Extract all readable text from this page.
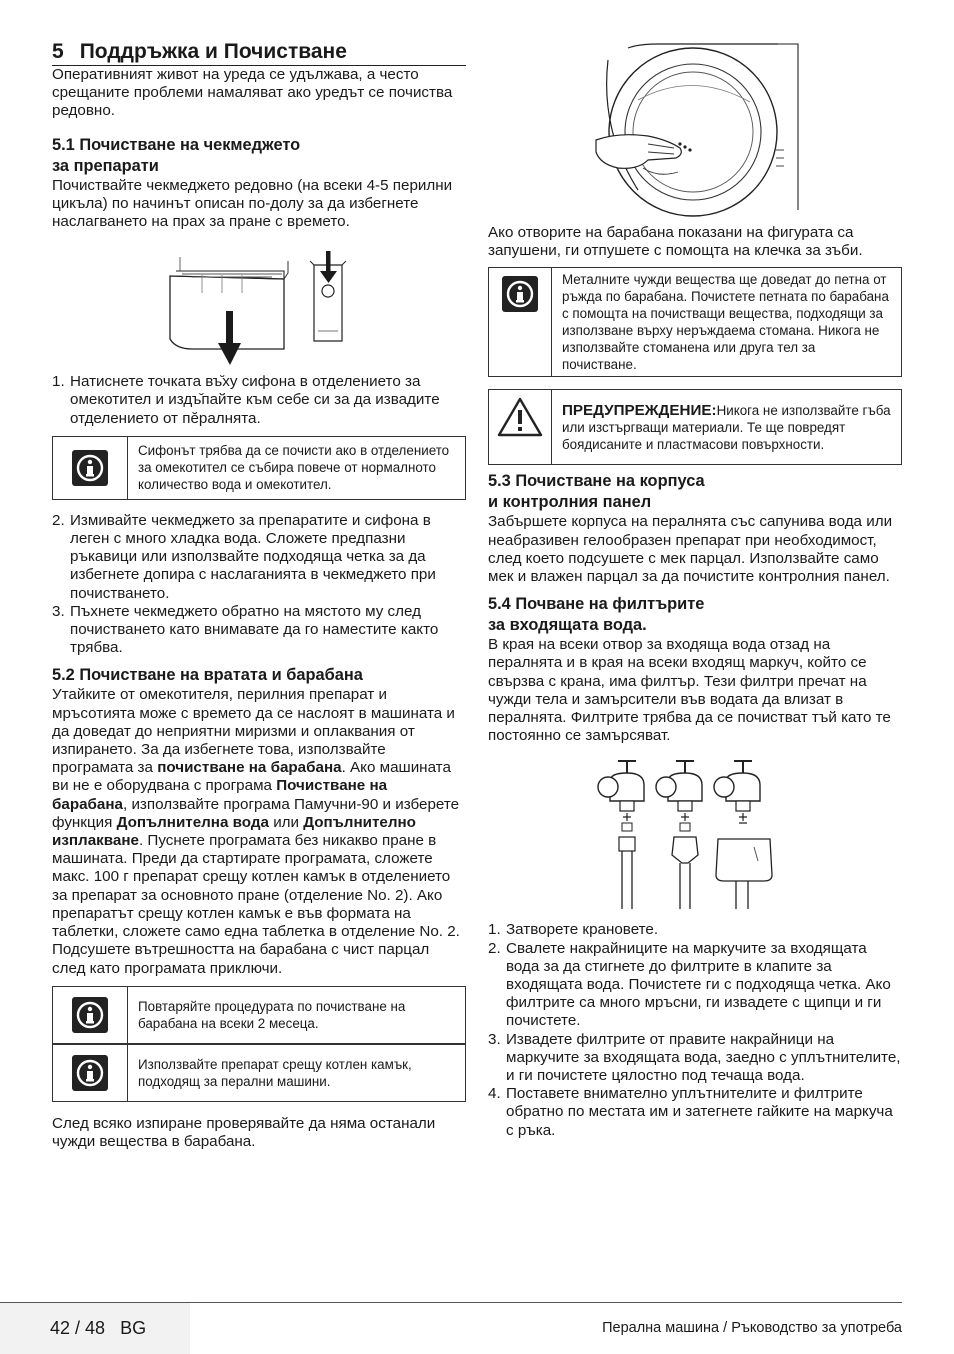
5 Поддръжка и Почистване

Оперативният живот на уреда се удължава, а често срещаните проблеми намаляват ако уредът се почиства редовно.

5.1 Почистване на чекмеджето
за препарати

Почиствайте чекмеджето редовно (на всеки 4-5 перилни цикъла) по начинът описан по-долу за да избегнете наслагването на прах за пране с времето.

1. Натиснете точката въ̆ху сифона в отделението за омекотител и издъ̆пайте към себе си за да извадите отделението от пӗралнята.
Сифонът трябва да се почисти ако в отделението за омекотител се събира повече от нормалното количество вода и омекотител.
2. Измивайте чекмеджето за препаратите и сифона в леген с много хладка вода. Сложете предпазни ръкавици или използвайте подходяща четка за да избегнете допира с наслаганията в чекмеджето при почистването.
3. Пъхнете чекмеджето обратно на мястото му след почистването като внимавате да го наместите както трябва.
5.2 Почистване на вратата и барабана

Утайките от омекотителя, перилния препарат и мръсотията може с времето да се наслоят в машината и да доведат до неприятни миризми и оплаквания от изпирането. За да избегнете това, използвайте програмата за почистване на барабана. Ако машината ви не е оборудвана с програма Почистване на барабана, използвайте програма Памучни-90 и изберете функция Допълнителна вода или Допълнително изплакване. Пуснете програмата без никакво пране в машината. Преди да стартирате програмата, сложете макс. 100 г препарат срещу котлен камък в отделението за препарат за основното пране (отделение No. 2). Ако препаратът срещу котлен камък е във формата на таблетки, сложете само една таблетка в отделение No. 2. Подсушете вътрешността на барабана с чист парцал след като програмата приключи.

Повтаряйте процедурата по почистване на барабана на всеки 2 месеца.
Използвайте препарат срещу котлен камък, подходящ за перални машини.

След всяко изпиране проверявайте да няма останали чужди вещества в барабана.

Ако отворите на барабана показани на фигурата са запушени, ги отпушете с помощта на клечка за зъби.

Металните чужди вещества ще доведат до петна от ръжда по барабана. Почистете петната по барабана с помощта на почистващи вещества, подходящи за използване върху неръждаема стомана. Никога не използвайте стоманена или друга тел за почистване.
ПРЕДУПРЕЖДЕНИЕ:Никога не използвайте гъба или изстъргващи материали. Те ще повредят боядисаните и пластмасови повърхности.
5.3 Почистване на корпуса
и контролния панел

Забършете корпуса на пералнята със сапунива вода или неабразивен гелообразен препарат при необходимост, след което подсушете с мек парцал. Използвайте само мек и влажен парцал за да почистите контролния панел.

5.4 Почване на филтърите
за входящата вода.

В края на всеки отвор за входяща вода отзад на пералнята и в края на всеки входящ маркуч, който се свързва с крана, има филтър. Тези филтри пречат на чужди тела и замърсители във водата да влизат в пералнята. Филтрите трябва да се почистват тъй като те постоянно се замърсяват.

1. Затворете крановете.
2. Свалете накрайниците на маркучите за входящата вода за да стигнете до филтрите в клапите за входящата вода. Почистете ги с подходяща четка. Ако филтрите са много мръсни, ги извадете с щипци и ги почистете.
3. Извадете филтрите от правите накрайници на маркучите за входящата вода, заедно с уплътнителите, и ги почистете цялостно под течаща вода.
4. Поставете внимателно уплътнителите и филтрите обратно по местата им и затегнете гайките на маркуча с ръка.
42 / 48 BG	Перална машина / Ръководство за употреба
